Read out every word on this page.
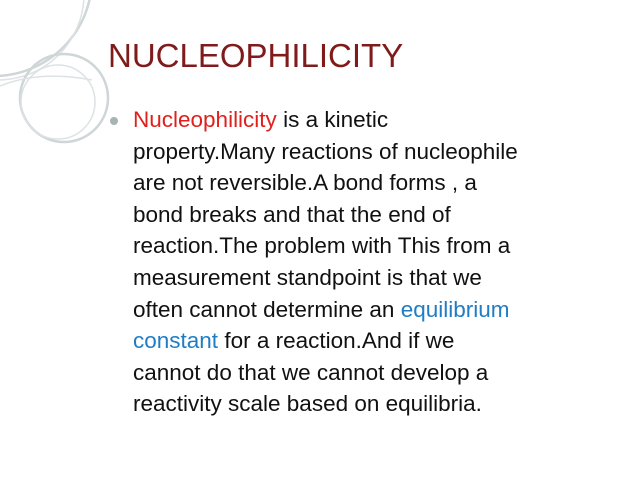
NUCLEOPHILICITY
Nucleophilicity is a kinetic
property.Many reactions of nucleophile
are not reversible.A bond forms , a
bond breaks and that the end of
reaction.The problem with This from a
measurement standpoint is that we
often cannot determine an equilibrium
constant for a reaction.And if we
cannot do that we cannot develop a
reactivity scale based on equilibria.
